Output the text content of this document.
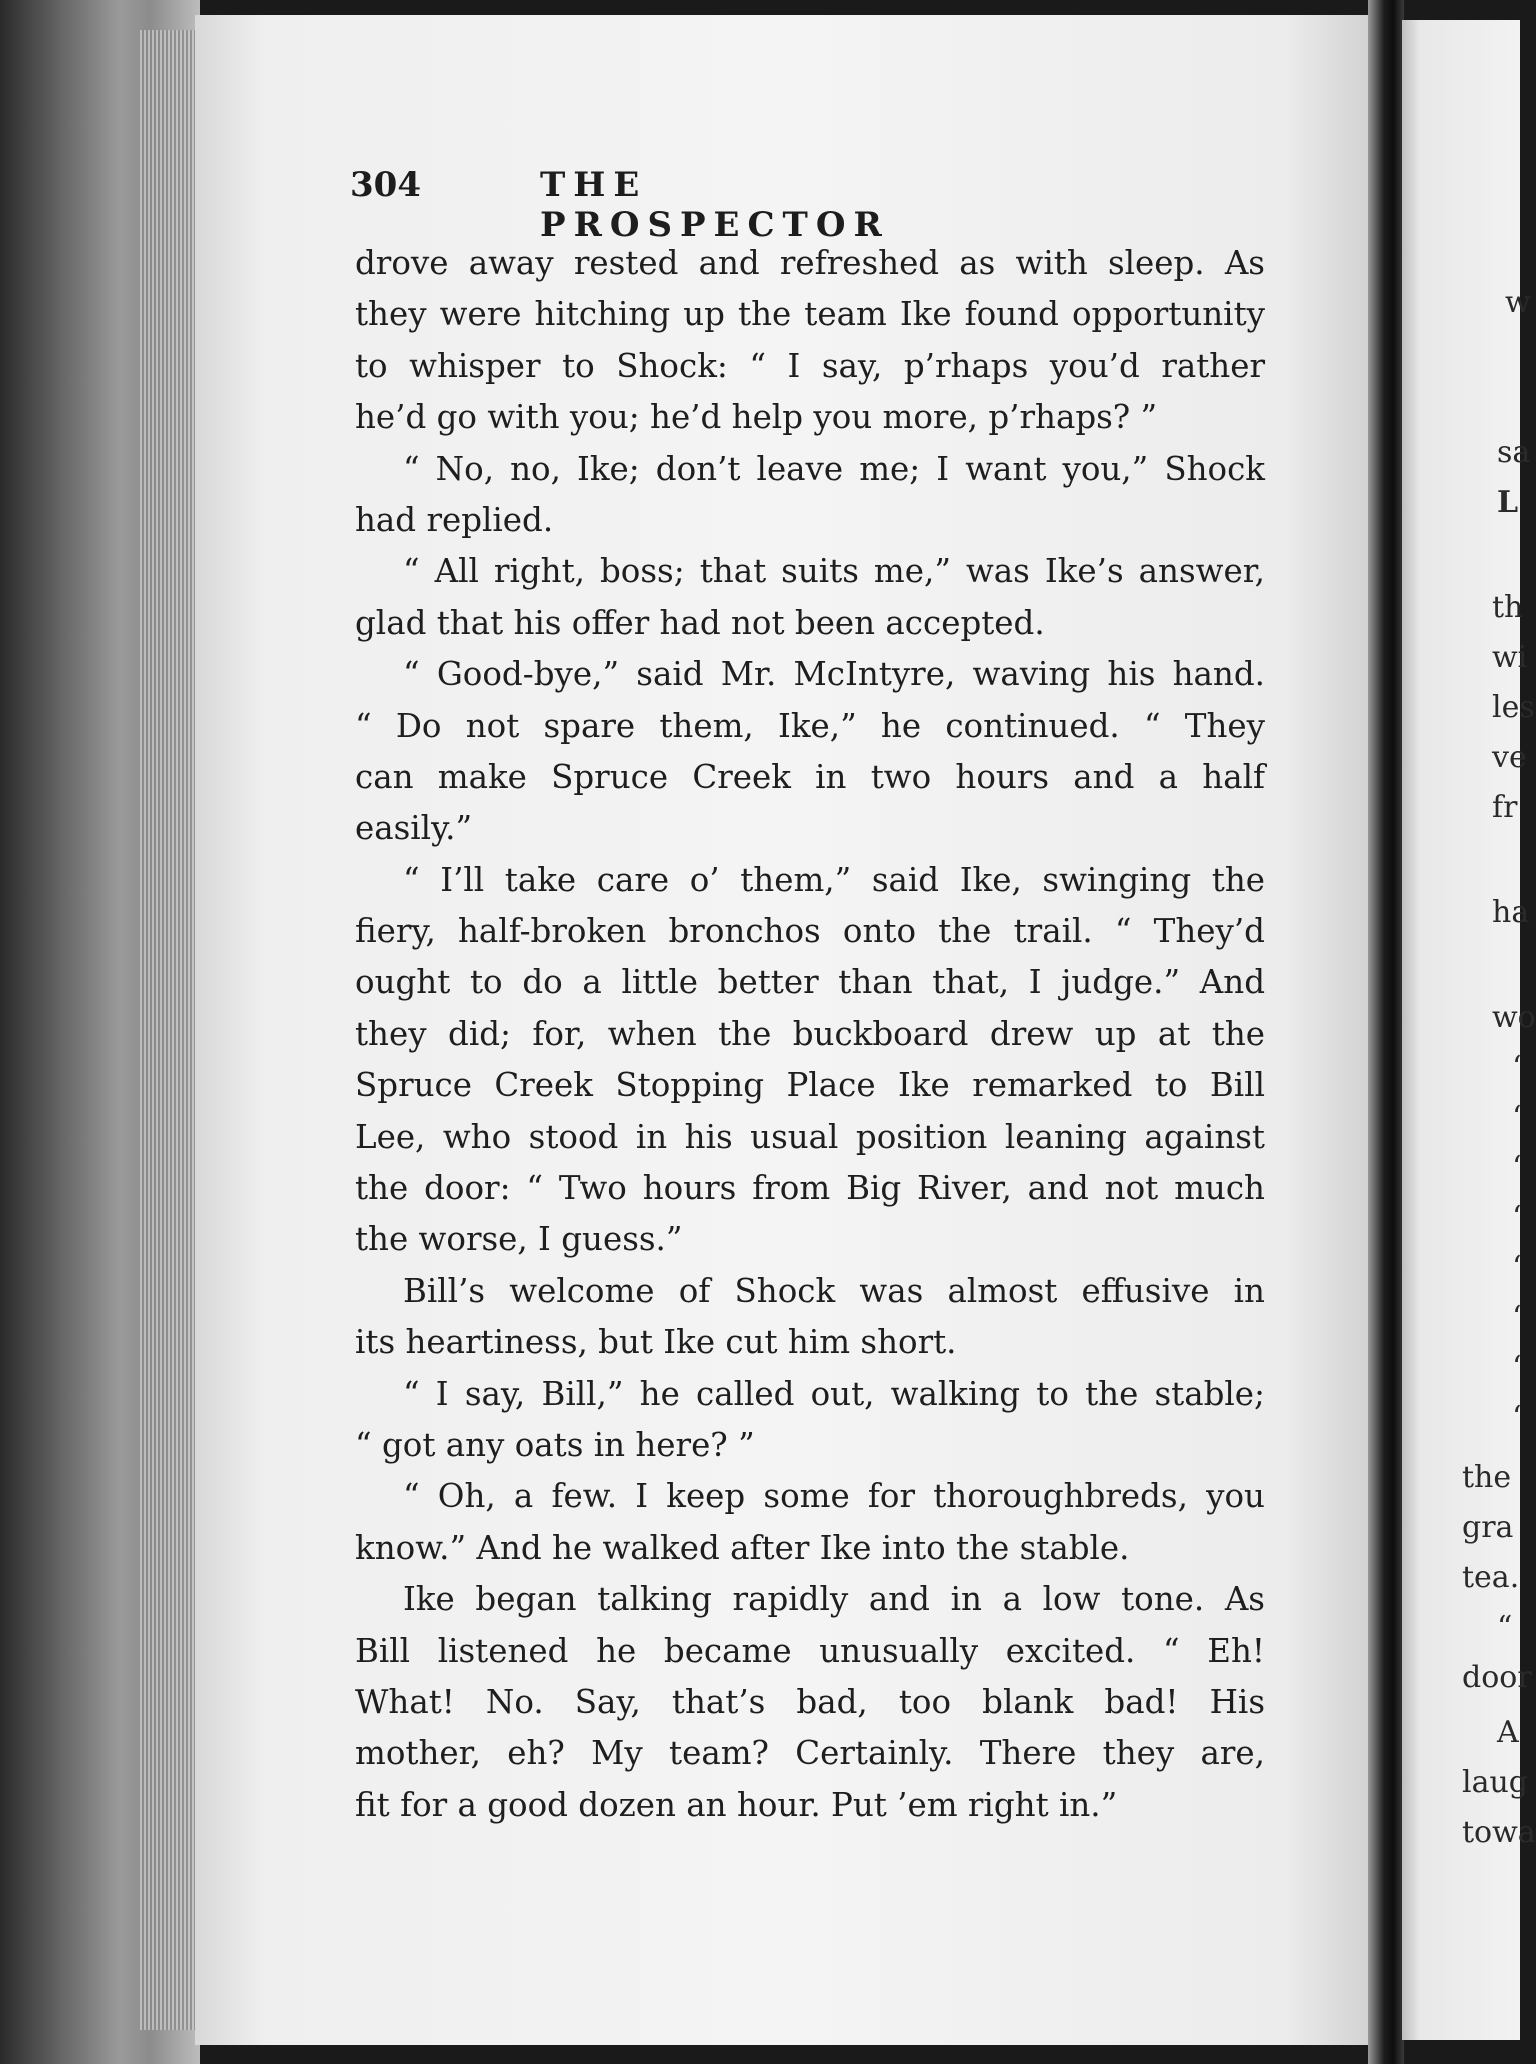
w
sa
L
th
wi
les
ve
fr
ha
wo
‘
‘
‘
‘
‘
‘
‘
‘
the
gra
tea.
“
door
A
laug
towa
304	THE PROSPECTOR
drove away rested and refreshed as with sleep. As
they were hitching up the team Ike found opportunity
to whisper to Shock: “ I say, p’rhaps you’d rather
he’d go with you; he’d help you more, p’rhaps? ”
“ No, no, Ike; don’t leave me; I want you,” Shock
had replied.
“ All right, boss; that suits me,” was Ike’s answer,
glad that his offer had not been accepted.
“ Good-bye,” said Mr. McIntyre, waving his hand.
“ Do not spare them, Ike,” he continued. “ They
can make Spruce Creek in two hours and a half
easily.”
“ I’ll take care o’ them,” said Ike, swinging the
fiery, half-broken bronchos onto the trail. “ They’d
ought to do a little better than that, I judge.” And
they did; for, when the buckboard drew up at the
Spruce Creek Stopping Place Ike remarked to Bill
Lee, who stood in his usual position leaning against
the door: “ Two hours from Big River, and not much
the worse, I guess.”
Bill’s welcome of Shock was almost effusive in
its heartiness, but Ike cut him short.
“ I say, Bill,” he called out, walking to the stable;
“ got any oats in here? ”
“ Oh, a few. I keep some for thoroughbreds, you
know.” And he walked after Ike into the stable.
Ike began talking rapidly and in a low tone. As
Bill listened he became unusually excited. “ Eh!
What! No. Say, that’s bad, too blank bad! His
mother, eh? My team? Certainly. There they are,
fit for a good dozen an hour. Put ’em right in.”
